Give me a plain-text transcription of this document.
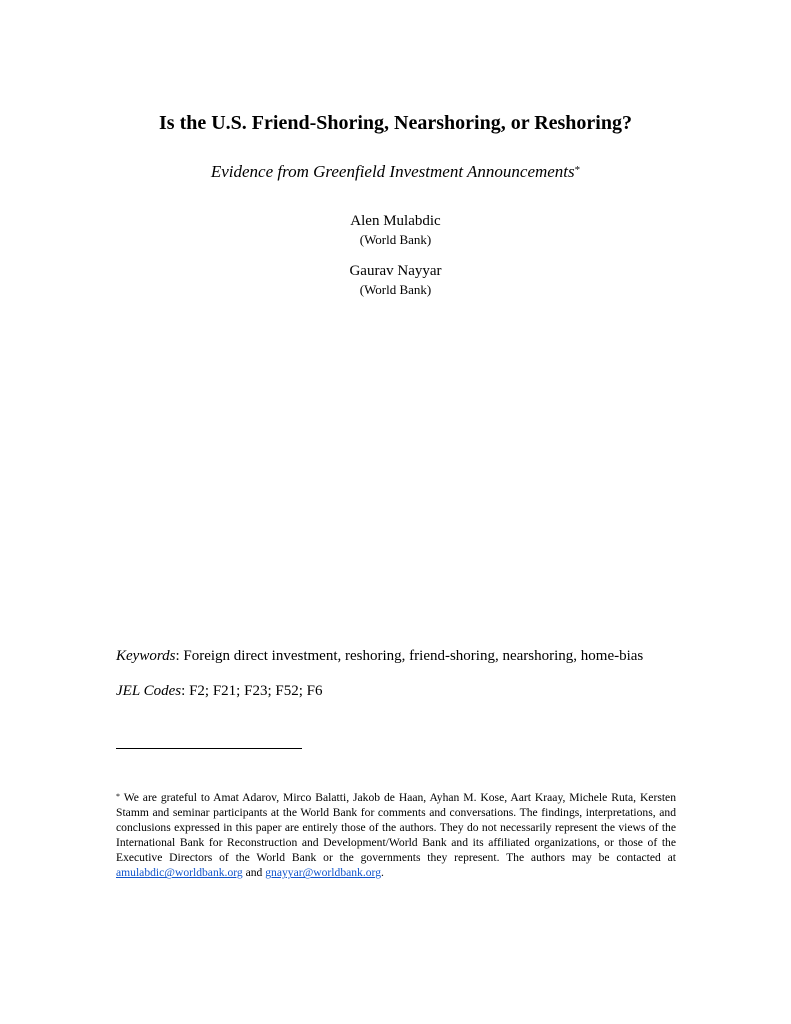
Is the U.S. Friend-Shoring, Nearshoring, or Reshoring?
Evidence from Greenfield Investment Announcements*
Alen Mulabdic
(World Bank)
Gaurav Nayyar
(World Bank)
Keywords: Foreign direct investment, reshoring, friend-shoring, nearshoring, home-bias
JEL Codes: F2; F21; F23; F52; F6
* We are grateful to Amat Adarov, Mirco Balatti, Jakob de Haan, Ayhan M. Kose, Aart Kraay, Michele Ruta, Kersten Stamm and seminar participants at the World Bank for comments and conversations. The findings, interpretations, and conclusions expressed in this paper are entirely those of the authors. They do not necessarily represent the views of the International Bank for Reconstruction and Development/World Bank and its affiliated organizations, or those of the Executive Directors of the World Bank or the governments they represent. The authors may be contacted at amulabdic@worldbank.org and gnayyar@worldbank.org.
